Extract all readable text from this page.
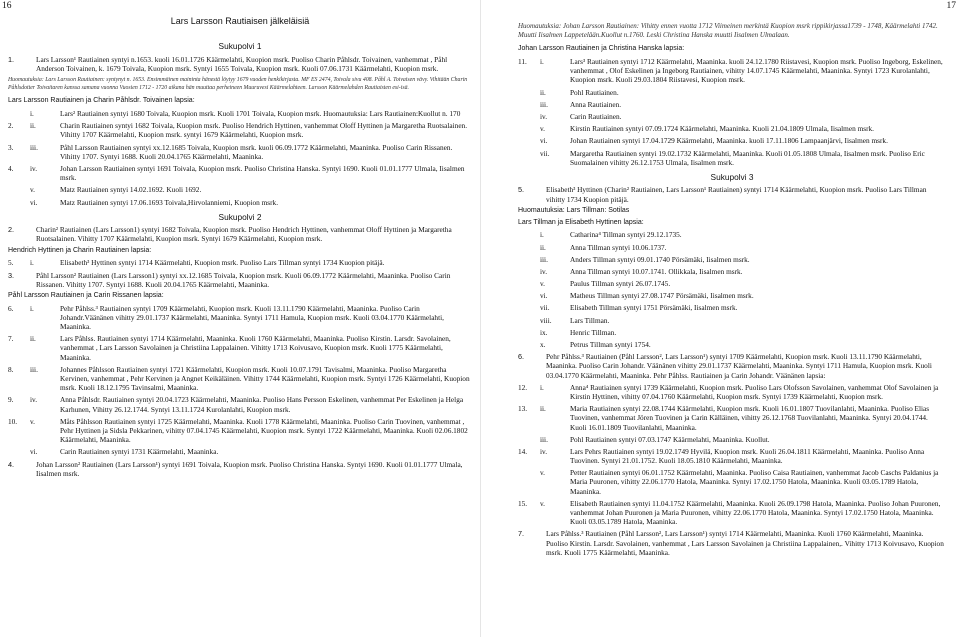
16
Lars Larsson Rautiaisen jälkeläisiä
Sukupolvi 1
1.	Lars Larsson¹ Rautiainen syntyi n.1653. kuoli 16.01.1726 Käärmelahti, Kuopion msrk. Puoliso Charin Påhlsdr. Toivainen, vanhemmat , Påhl Anderson Toivainen, k. 1679 Toivala, Kuopion msrk. Syntyi 1655 Toivala, Kuopion msrk. Kuoli 07.06.1731 Käärmelahti, Kuopion msrk.
Huomautuksia: Lars Larsson Rautiainen: syntynyt n. 1653. Ensimmäinen maininta hänestä löytyy 1679 vuoden henkikirjasta. MF ES 2474, Toivala sivu 408. Påhl A. Toivaisen vävy. Vihitään Charin Påhlsdotter Toivaitaren kanssa samana vuonna Vuosien 1712 - 1720 aikana hän muuttaa perheineen Muuruvesi Käärmelahteen. Larsson Käärmelahden Rautiaisten esi-isä.
Lars Larsson Rautiainen ja Charin Påhlsdr. Toivainen lapsia:
i.	Lars² Rautiainen syntyi 1680 Toivala, Kuopion msrk. Kuoli 1701 Toivala, Kuopion msrk. Huomautuksia: Lars Rautiainen:Kuollut n. 170
2.	ii.	Charin Rautiainen syntyi 1682 Toivala, Kuopion msrk. Puoliso Hendrich Hyttinen, vanhemmat Oloff Hyttinen ja Margaretha Ruotsalainen. Vihitty 1707 Käärmelahti, Kuopion msrk. syntyi 1679 Käärmelahti, Kuopion msrk.
3.	iii.	Påhl Larsson Rautiainen syntyi xx.12.1685 Toivala, Kuopion msrk. kuoli 06.09.1772 Käärmelahti, Maaninka. Puoliso Carin Rissanen. Vihitty 1707. Syntyi 1688. Kuoli 20.04.1765 Käärmelahti, Maaninka.
4.	iv.	Johan Larsson Rautiainen syntyi 1691 Toivala, Kuopion msrk. Puoliso Christina Hanska. Syntyi 1690. Kuoli 01.01.1777 Ulmala, Iisalmen msrk.
v.	Matz Rautiainen syntyi 14.02.1692. Kuoli 1692.
vi.	Matz Rautiainen syntyi 17.06.1693 Toivala,Hirvolanniemi, Kuopion msrk.
Sukupolvi 2
2.	Charin² Rautiainen (Lars Larsson1) syntyi 1682 Toivala, Kuopion msrk. Puoliso Hendrich Hyttinen, vanhemmat Oloff Hyttinen ja Margaretha Ruotsalainen. Vihitty 1707 Käärmelahti, Kuopion msrk. Syntyi 1679 Käärmelahti, Kuopion msrk.
Hendrich Hyttinen ja Charin Rautiainen lapsia:
5.	i.	Elisabeth³ Hyttinen syntyi 1714 Käärmelahti, Kuopion msrk. Puoliso Lars Tillman syntyi 1734 Kuopion pitäjä.
3.	Påhl Larsson² Rautiainen (Lars Larsson1) syntyi xx.12.1685 Toivala, Kuopion msrk. Kuoli 06.09.1772 Käärmelahti, Maaninka. Puoliso Carin Rissanen. Vihitty 1707. Syntyi 1688. Kuoli 20.04.1765 Käärmelahti, Maaninka.
Påhl Larsson Rautiainen ja Carin Rissanen lapsia:
6.	i.	Pehr Påhlss.³ Rautiainen syntyi 1709 Käärmelahti, Kuopion msrk. Kuoli 13.11.1790 Käärmelahti, Maaninka. Puoliso Carin Johandr.Väänänen vihitty 29.01.1737 Käärmelahti, Maaninka. Syntyi 1711 Hamula, Kuopion msrk. Kuoli 03.04.1770 Käärmelahti, Maaninka.
7.	ii.	Lars Påhlss. Rautiainen syntyi 1714 Käärmelahti, Maaninka. Kuoli 1760 Käärmelahti, Maaninka. Puoliso Kirstin. Larsdr. Savolainen, vanhemmat , Lars Larsson Savolainen ja Christiina Lappalainen. Vihitty 1713 Koivusavo, Kuopion msrk. Kuoli 1775 Käärmelahti, Maaninka.
8.	iii.	Johannes Påhlsson Rautiainen syntyi 1721 Käärmelahti, Kuopion msrk. Kuoli 10.07.1791 Tavisalmi, Maaninka. Puoliso Margaretha Kervinen, vanhemmat , Pehr Kervinen ja Angnet Keikäläinen. Vihitty 1744 Käärmelahti, Kuopion msrk. Syntyi 1726 Käärmelahti, Kuopion msrk. Kuoli 18.12.1795 Tavinsalmi, Maaninka.
9.	iv.	Anna Påhlsdr. Rautiainen syntyi 20.04.1723 Käärmelahti, Maaninka. Puoliso Hans Persson Eskelinen, vanhemmat Per Eskelinen ja Helga Karhunen, Vihitty 26.12.1744. Syntyi 13.11.1724 Kurolanlahti, Kuopion msrk.
10.	v.	Måts Påhlsson Rautiainen syntyi 1725 Käärmelahti, Maaninka. Kuoli 1778 Käärmelahti, Maaninka. Puoliso Carin Tuovinen, vanhemmat , Pehr Hyttinen ja Sidsla Pekkarinen, vihitty 07.04.1745 Käärmelahti, Kuopion msrk. Syntyi 1722 Käärmelahti, Maaninka. Kuoli 02.06.1802 Käärmelahti, Maaninka.
vi.	Carin Rautiainen syntyi 1731 Käärmelahti, Maaninka.
4.	Johan Larsson² Rautiainen (Lars Larsson¹) syntyi 1691 Toivala, Kuopion msrk. Puoliso Christina Hanska. Syntyi 1690. Kuoli 01.01.1777 Ulmala, Iisalmen msrk.
17
Huomautuksia: Johan Larsson Rautiainen: Vihitty ennen vuotta 1712 Viimeinen merkintä Kuopion msrk rippikirjassa1739 - 1748, Käärmelahti 1742. Muutti Iisalmen Lappetelään.Kuollut n.1760. Leski Christina Hanska muutti Iisalmen Ulmalaan.
Johan Larsson Rautiainen ja Christina Hanska lapsia:
11.	i.	Lars³ Rautiainen syntyi 1712 Käärmelahti, Maaninka. kuoli 24.12.1780 Riistavesi, Kuopion msrk. Puoliso Ingeborg, Eskelinen, vanhemmat , Olof Eskelinen ja Ingeborg Rautiainen, vihitty 14.07.1745 Käärmelahti, Maaninka. Syntyi 1723 Kurolanlahti, Kuopion msrk. Kuoli 29.03.1804 Riistavesi, Kuopion msrk.
ii.	Pohl Rautiainen.
iii.	Anna Rautiainen.
iv.	Carin Rautiainen.
v.	Kirstin Rautiainen syntyi 07.09.1724 Käärmelahti, Maaninka. Kuoli 21.04.1809 Ulmala, Iisalmen msrk.
vi.	Johan Rautiainen syntyi 17.04.1729 Käärmelahti, Maaninka. kuoli 17.11.1806 Lampaanjärvi, Iisalmen msrk.
vii.	Margaretha Rautiainen syntyi 19.02.1732 Käärmelahti, Maaninka. Kuoli 01.05.1808 Ulmala, Iisalmen msrk. Puoliso Eric Suomalainen vihitty 26.12.1753 Ulmala, Iisalmen msrk.
Sukupolvi 3
5.	Elisabeth³ Hyttinen (Charin² Rautiainen, Lars Larsson¹ Rautiainen) syntyi 1714 Käärmelahti, Kuopion msrk. Puoliso Lars Tillman vihitty 1734 Kuopion pitäjä.
Huomautuksia: Lars Tillman: Sotilas
Lars Tillman ja Elisabeth Hyttinen lapsia:
i.	Catharina⁴ Tillman syntyi 29.12.1735.
ii.	Anna Tillman syntyi 10.06.1737.
iii.	Anders Tillman syntyi 09.01.1740 Pörsämäki, Iisalmen msrk.
iv.	Anna Tillman syntyi 10.07.1741. Ollikkala, Iisalmen msrk.
v.	Paulus Tillman syntyi 26.07.1745.
vi.	Matheus Tillman syntyi 27.08.1747 Pörsämäki, Iisalmen msrk.
vii.	Elisabeth Tillman syntyi 1751 Pörsämäki, Iisalmen msrk.
viii.	Lars Tillman.
ix.	Henric Tillman.
x.	Petrus Tillman syntyi 1754.
6.	Pehr Påhlss.³ Rautiainen (Påhl Larsson², Lars Larsson¹) syntyi 1709 Käärmelahti, Kuopion msrk. Kuoli 13.11.1790 Käärmelahti, Maaninka. Puoliso Carin Johandr. Väänänen vihitty 29.01.1737 Käärmelahti, Maaninka. Syntyi 1711 Hamula, Kuopion msrk. Kuoli 03.04.1770 Käärmelahti, Maaninka. Pehr Påhlss. Rautiainen ja Carin Johandr. Väänänen lapsia:
12.	i.	Anna⁴ Rautiainen syntyi 1739 Käärmelahti, Kuopion msrk. Puoliso Lars Olofsson Savolainen, vanhemmat Olof Savolainen ja Kirstin Hyttinen, vihitty 07.04.1760 Käärmelahti, Kuopion msrk. Syntyi 1739 Käärmelahti, Kuopion msrk.
13.	ii.	Maria Rautiainen syntyi 22.08.1744 Käärmelahti, Kuopion msrk. Kuoli 16.01.1807 Tuovilanlahti, Maaninka. Puoliso Elias Tuovinen, vanhemmat Jören Tuovinen ja Carin Källäinen, vihitty 26.12.1768 Tuovilanlahti, Maaninka. Syntyi 20.04.1744. Kuoli 16.01.1809 Tuovilanlahti, Maaninka.
iii.	Pohl Rautiainen syntyi 07.03.1747 Käärmelahti, Maaninka. Kuollut.
14.	iv.	Lars Pehrs Rautiainen syntyi 19.02.1749 Hyvilä, Kuopion msrk. Kuoli 26.04.1811 Käärmelahti, Maaninka. Puoliso Anna Tuovinen. Syntyi 21.01.1752. Kuoli 18.05.1810 Käärmelahti, Maaninka.
v.	Petter Rautiainen syntyi 06.01.1752 Käärmelahti, Maaninka. Puoliso Caisa Rautiainen, vanhemmat Jacob Caschs Paldanius ja Maria Puuronen, vihitty 22.06.1770 Hatola, Maaninka. Syntyi 17.02.1750 Hatola, Maaninka. Kuoli 03.05.1789 Hatola, Maaninka.
15.	v.	Elisabeth Rautiainen syntyi 11.04.1752 Käärmelahti, Maaninka. Kuoli 26.09.1798 Hatola, Maaninka. Puoliso Johan Puuronen, vanhemmat Johan Puuronen ja Maria Puuronen, vihitty 22.06.1770 Hatola, Maaninka. Syntyi 17.02.1750 Hatola, Maaninka. Kuoli 03.05.1789 Hatola, Maaninka.
7.	Lars Påhlss.³ Rautiainen (Påhl Larsson², Lars Larsson¹) syntyi 1714 Käärmelahti, Maaninka. Kuoli 1760 Käärmelahti, Maaninka. Puoliso Kirstin. Larsdr. Savolainen, vanhemmat , Lars Larsson Savolainen ja Christiina Lappalainen,. Vihitty 1713 Koivusavo, Kuopion msrk. Kuoli 1775 Käärmelahti, Maaninka.
